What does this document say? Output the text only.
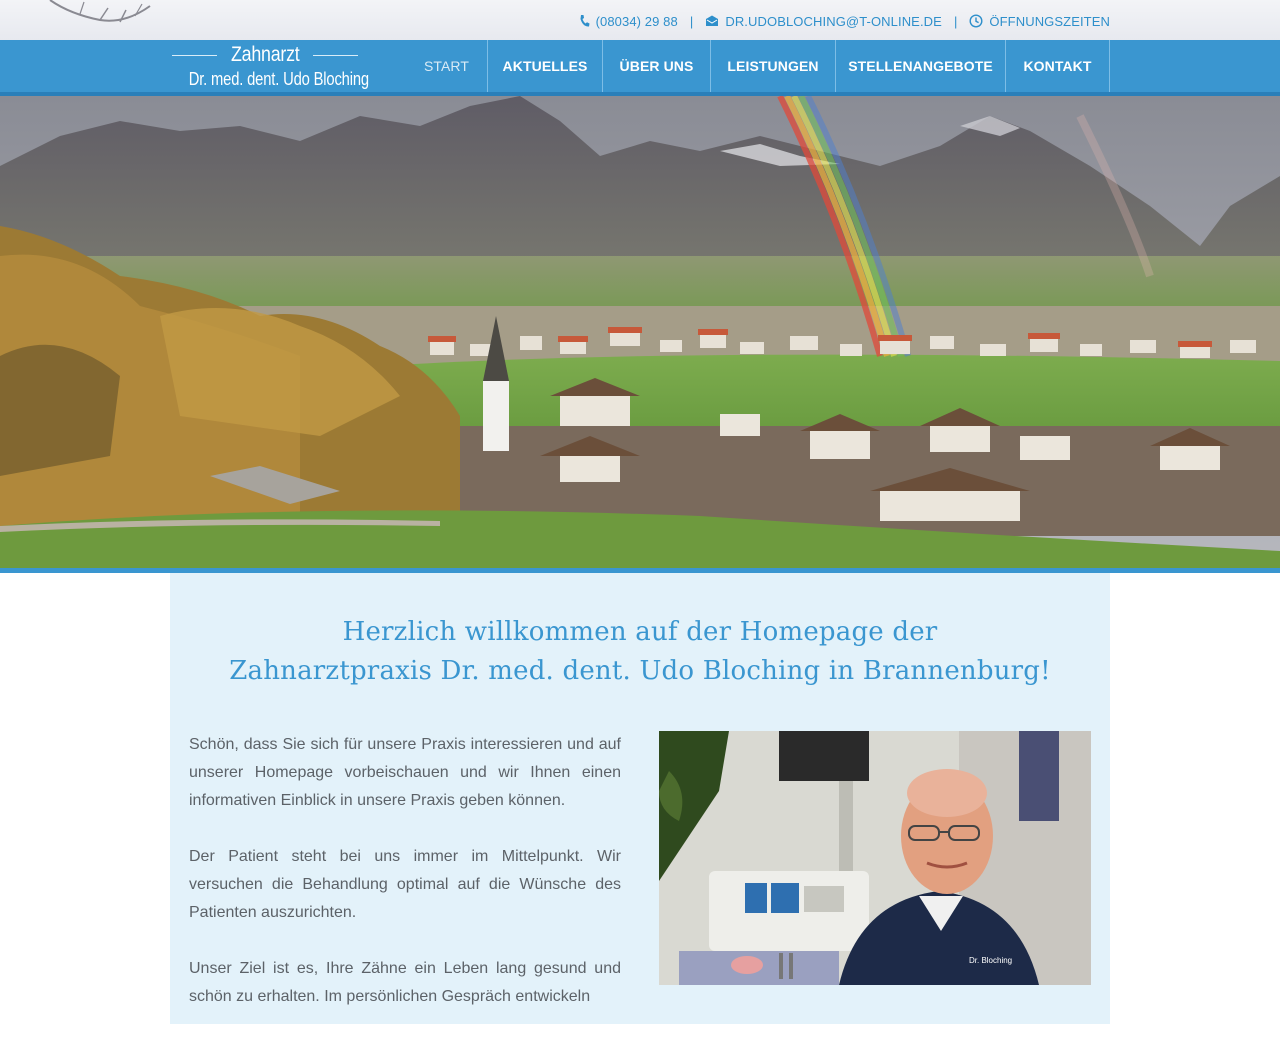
(08034) 29 88 | DR.UDOBLOCHING@T-ONLINE.DE | ÖFFNUNGSZEITEN
Zahnarzt
Dr. med. dent. Udo Bloching
START	AKTUELLES	ÜBER UNS	LEISTUNGEN	STELLENANGEBOTE	KONTAKT
Herzlich willkommen auf der Homepage der
Zahnarztpraxis Dr. med. dent. Udo Bloching in Brannenburg!

Schön, dass Sie sich für unsere Praxis interessieren und auf unserer Homepage vorbeischauen und wir Ihnen einen informativen Einblick in unsere Praxis geben können.

Der Patient steht bei uns immer im Mittelpunkt. Wir versuchen die Behandlung optimal auf die Wünsche des Patienten auszurichten.

Unser Ziel ist es, Ihre Zähne ein Leben lang gesund und schön zu erhalten. Im persönlichen Gespräch entwickeln

Dr. Bloching
